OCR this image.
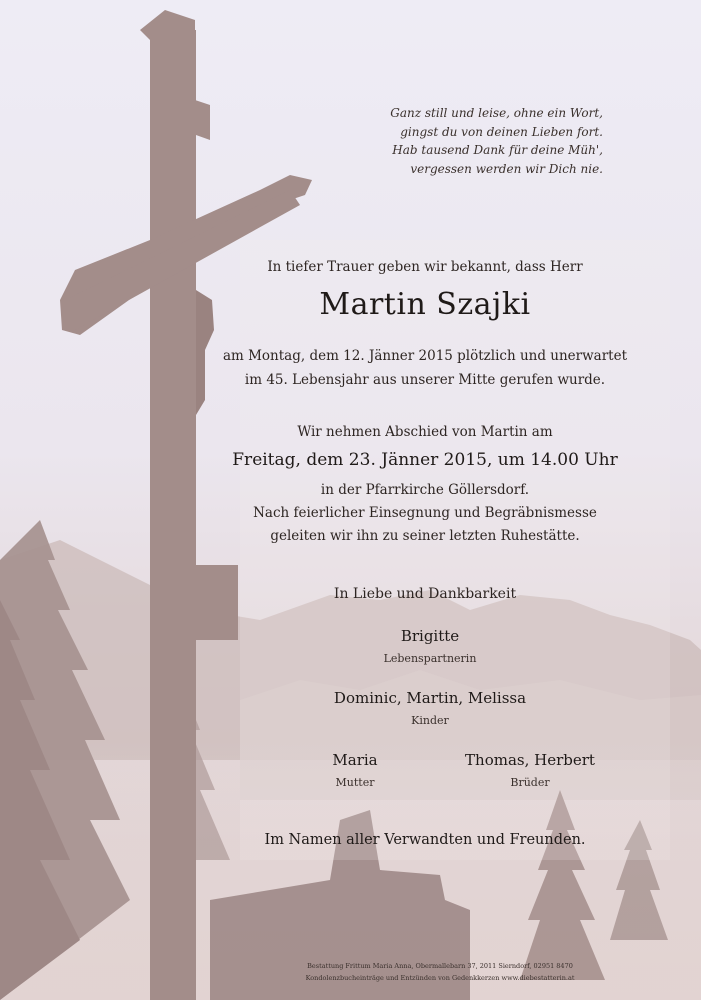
Ganz still und leise, ohne ein Wort,
gingst du von deinen Lieben fort.
Hab tausend Dank für deine Müh',
vergessen werden wir Dich nie.
In tiefer Trauer geben wir bekannt, dass Herr
Martin Szajki
am Montag, dem 12. Jänner 2015 plötzlich und unerwartet
im 45. Lebensjahr aus unserer Mitte gerufen wurde.
Wir nehmen Abschied von Martin am
Freitag, dem 23. Jänner 2015, um 14.00 Uhr
in der Pfarrkirche Göllersdorf.
Nach feierlicher Einsegnung und Begräbnismesse
geleiten wir ihn zu seiner letzten Ruhestätte.
In Liebe und Dankbarkeit
Brigitte
Lebenspartnerin
Dominic, Martin, Melissa
Kinder
Maria
Mutter
Thomas, Herbert
Brüder
Im Namen aller Verwandten und Freunden.
Bestattung Frittum Maria Anna, Obermallebarn 37, 2011 Sierndorf, 02951 8470
Kondolenzbucheinträge und Entzünden von Gedenkkerzen www.diebestatterin.at
